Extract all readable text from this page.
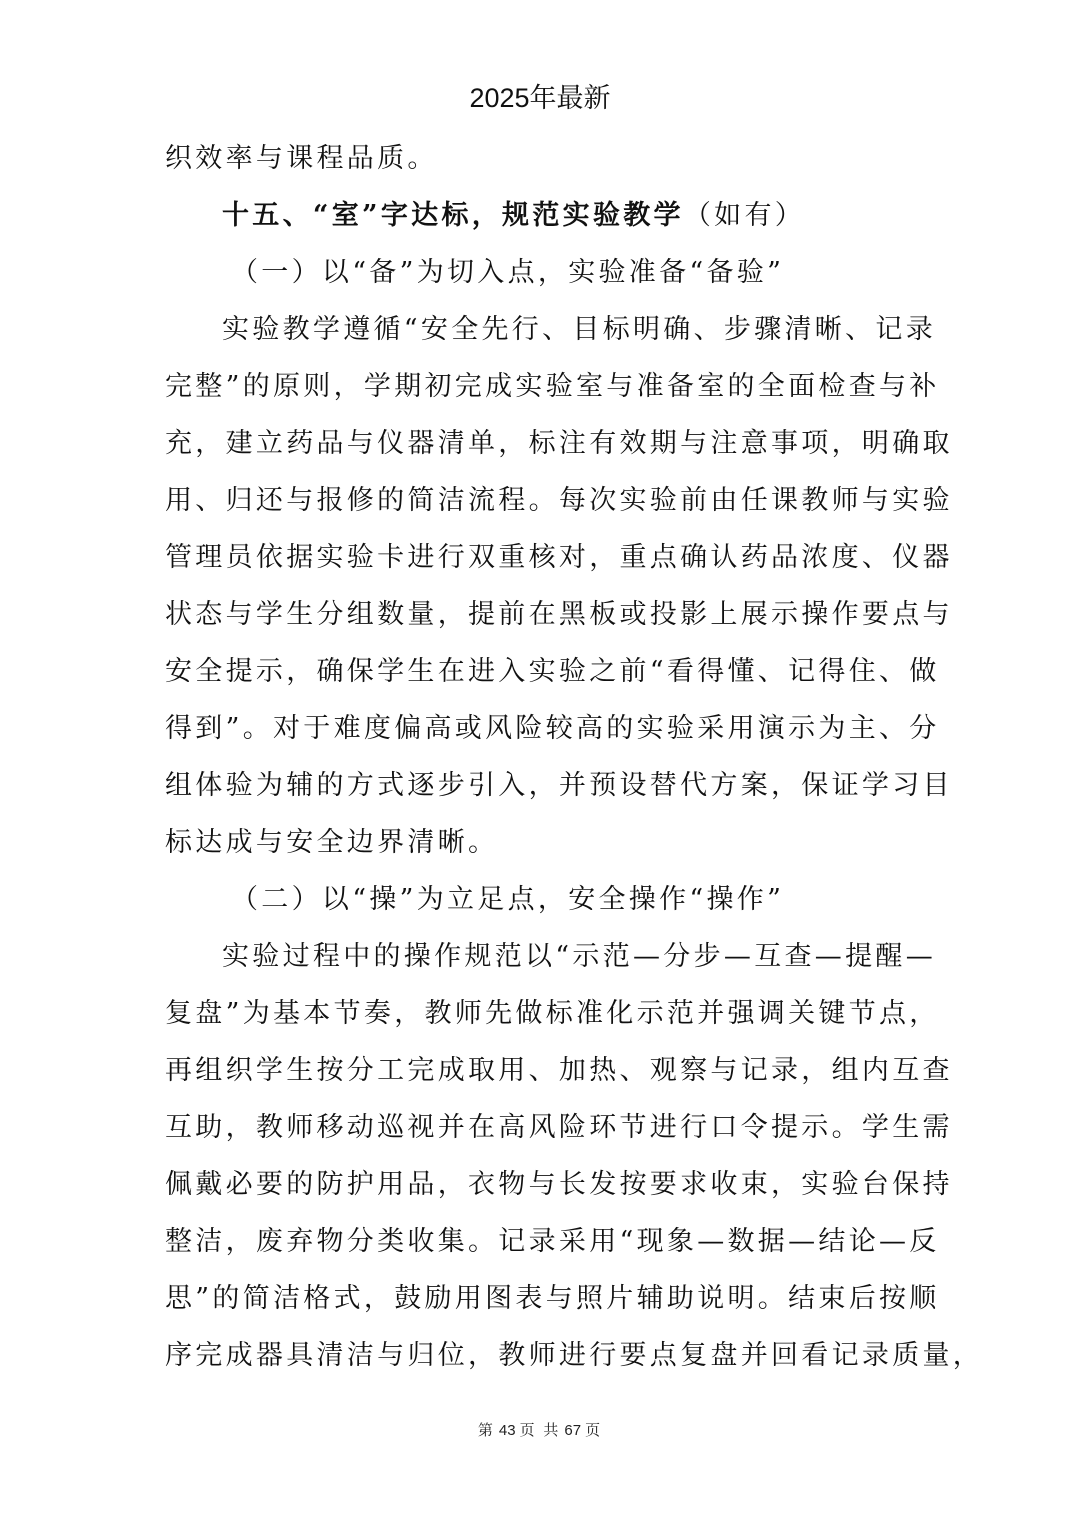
2025年最新
织效率与课程品质。
十五、“室”字达标，规范实验教学（如有）
（一）以“备”为切入点，实验准备“备验”
实验教学遵循“安全先行、目标明确、步骤清晰、记录
完整”的原则，学期初完成实验室与准备室的全面检查与补
充，建立药品与仪器清单，标注有效期与注意事项，明确取
用、归还与报修的简洁流程。每次实验前由任课教师与实验
管理员依据实验卡进行双重核对，重点确认药品浓度、仪器
状态与学生分组数量，提前在黑板或投影上展示操作要点与
安全提示，确保学生在进入实验之前“看得懂、记得住、做
得到”。对于难度偏高或风险较高的实验采用演示为主、分
组体验为辅的方式逐步引入，并预设替代方案，保证学习目
标达成与安全边界清晰。
（二）以“操”为立足点，安全操作“操作”
实验过程中的操作规范以“示范—分步—互查—提醒—
复盘”为基本节奏，教师先做标准化示范并强调关键节点，
再组织学生按分工完成取用、加热、观察与记录，组内互查
互助，教师移动巡视并在高风险环节进行口令提示。学生需
佩戴必要的防护用品，衣物与长发按要求收束，实验台保持
整洁，废弃物分类收集。记录采用“现象—数据—结论—反
思”的简洁格式，鼓励用图表与照片辅助说明。结束后按顺
序完成器具清洁与归位，教师进行要点复盘并回看记录质量，
第 43 页 共 67 页
